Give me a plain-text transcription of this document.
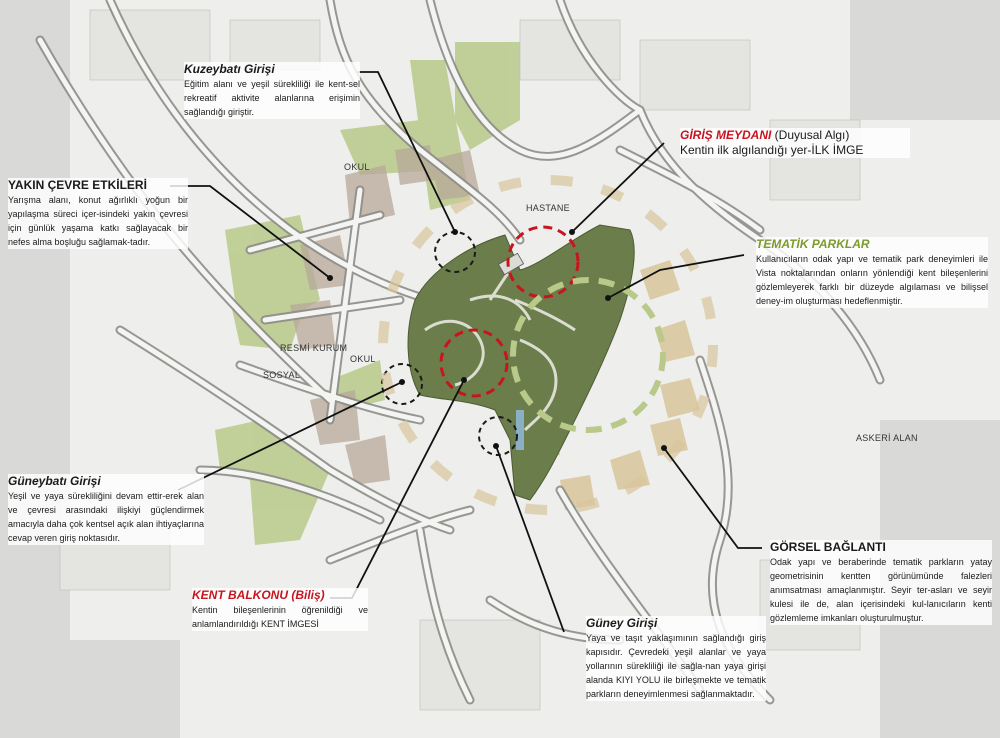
OKUL
HASTANE
RESMİ KURUM
OKUL
SOSYAL
ASKERİ ALAN
Kuzeybatı Girişi
Eğitim alanı ve yeşil sürekliliği ile kent-sel rekreatif aktivite alanlarına erişimin sağlandığı giriştir.
YAKIN ÇEVRE ETKİLERİ
Yarışma alanı, konut ağırlıklı yoğun bir yapılaşma süreci içer-isindeki yakın çevresi için günlük yaşama katkı sağlayacak bir nefes alma boşluğu sağlamak-tadır.
GİRİŞ MEYDANI (Duyusal Algı)
Kentin ilk algılandığı yer-İLK İMGE
TEMATİK PARKLAR
Kullanıcıların odak yapı ve tematik park deneyimleri ile Vista noktalarından onların yönlendiği kent bileşenlerini gözlemleyerek farklı bir düzeyde algılaması ve bilişsel deney-im oluşturması hedeflenmiştir.
Güneybatı Girişi
Yeşil ve yaya sürekliliğini devam ettir-erek alan ve çevresi arasındaki ilişkiyi güçlendirmek amacıyla daha çok kentsel açık alan ihtiyaçlarına cevap veren giriş noktasıdır.
KENT BALKONU (Biliş)
Kentin bileşenlerinin öğrenildiği ve anlamlandırıldığı KENT İMGESİ	Güney Girişi
Yaya ve taşıt yaklaşımının sağlandığı giriş kapısıdır. Çevredeki yeşil alanlar ve yaya yollarının sürekliliği ile sağla-nan yaya girişi alanda KIYI YOLU ile birleşmekte ve tematik parkların deneyimlenmesi sağlanmaktadır.
GÖRSEL BAĞLANTI
Odak yapı ve beraberinde tematik parkların yatay geometrisinin kentten görünümünde falezleri anımsatması amaçlanmıştır. Seyir ter-asları ve seyir kulesi ile de, alan içerisindeki kul-lanıcıların kenti gözlemleme imkanları oluşturulmuştur.
